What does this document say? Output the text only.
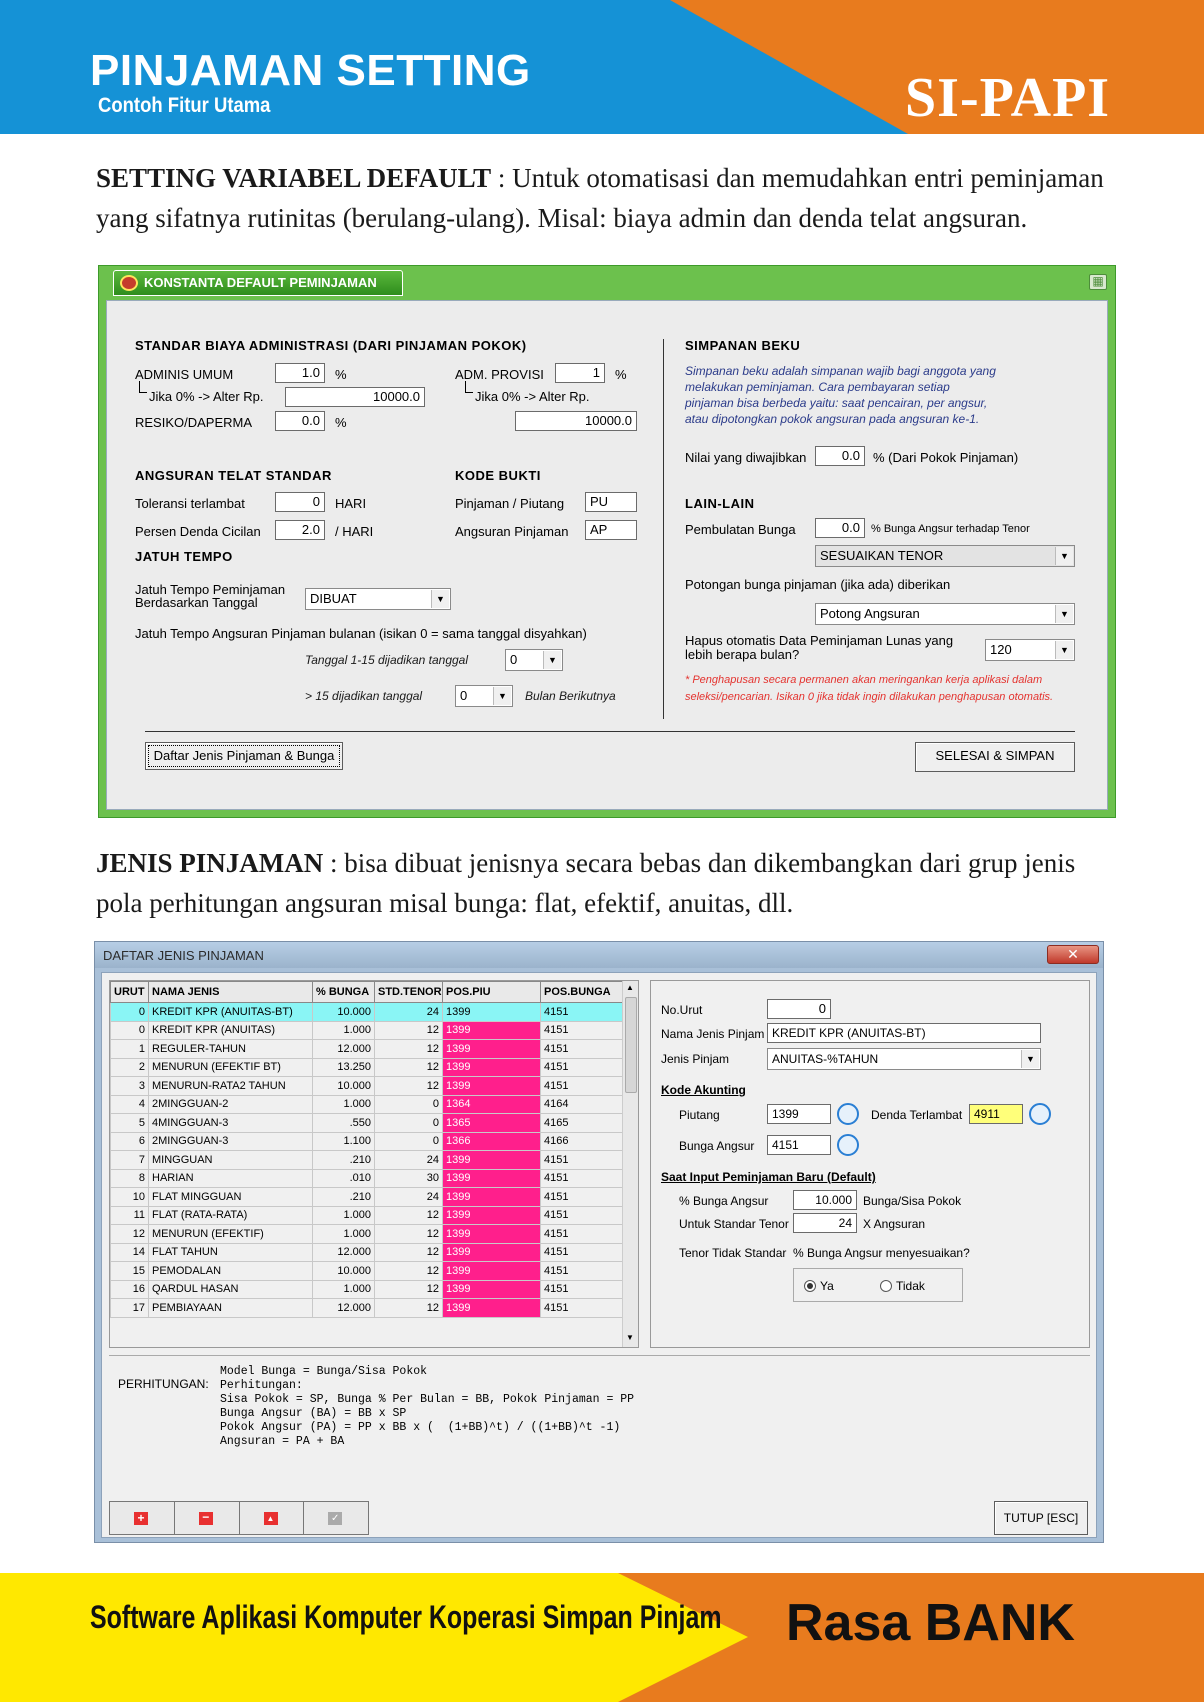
PINJAMAN SETTING
Contoh Fitur Utama	SI-PAPI
SETTING VARIABEL DEFAULT : Untuk otomatisasi dan memudahkan entri peminjaman
yang sifatnya rutinitas (berulang-ulang). Misal: biaya admin dan denda telat angsuran.
KONSTANTA DEFAULT PEMINJAMAN	▦
STANDAR BIAYA ADMINISTRASI (DARI PINJAMAN POKOK)
ADMINIS UMUM	1.0	%
Jika 0% -> Alter Rp.	10000.0
RESIKO/DAPERMA	0.0	%
ADM. PROVISI	1	%
Jika 0% -> Alter Rp.
10000.0
ANGSURAN TELAT STANDAR
Toleransi terlambat	0	HARI
Persen Denda Cicilan	2.0	/ HARI
KODE BUKTI
Pinjaman / Piutang	PU
Angsuran Pinjaman	AP
JATUH TEMPO
Jatuh Tempo Peminjaman
Berdasarkan Tanggal	DIBUAT	▼
Jatuh Tempo Angsuran Pinjaman bulanan (isikan 0 = sama tanggal disyahkan)
Tanggal 1-15 dijadikan tanggal	0	▼
> 15 dijadikan tanggal	0	▼	Bulan Berikutnya
SIMPANAN BEKU
Simpanan beku adalah simpanan wajib bagi anggota yang
melakukan peminjaman. Cara pembayaran setiap
pinjaman bisa berbeda yaitu: saat pencairan, per angsur,
atau dipotongkan pokok angsuran pada angsuran ke-1.
Nilai yang diwajibkan	0.0	% (Dari Pokok Pinjaman)
LAIN-LAIN
Pembulatan Bunga	0.0	% Bunga Angsur terhadap Tenor
SESUAIKAN TENOR	▼
Potongan bunga pinjaman (jika ada) diberikan
Potong Angsuran	▼
Hapus otomatis Data Peminjaman Lunas yang
lebih berapa bulan?	120	▼
* Penghapusan secara permanen akan meringankan kerja aplikasi dalam
seleksi/pencarian. Isikan 0 jika tidak ingin dilakukan penghapusan otomatis.
Daftar Jenis Pinjaman & Bunga	SELESAI & SIMPAN
JENIS PINJAMAN : bisa dibuat jenisnya secara bebas dan dikembangkan dari grup jenis
pola perhitungan angsuran misal bunga: flat, efektif, anuitas, dll.
DAFTAR JENIS PINJAMAN	✕
URUT	NAMA JENIS	% BUNGA	STD.TENOR	POS.PIU	POS.BUNGA
0	KREDIT KPR (ANUITAS-BT)	10.000	24	1399	4151
0	KREDIT KPR (ANUITAS)	1.000	12	1399	4151
1	REGULER-TAHUN	12.000	12	1399	4151
2	MENURUN (EFEKTIF BT)	13.250	12	1399	4151
3	MENURUN-RATA2 TAHUN	10.000	12	1399	4151
4	2MINGGUAN-2	1.000	0	1364	4164
5	4MINGGUAN-3	.550	0	1365	4165
6	2MINGGUAN-3	1.100	0	1366	4166
7	MINGGUAN	.210	24	1399	4151
8	HARIAN	.010	30	1399	4151
10	FLAT MINGGUAN	.210	24	1399	4151
11	FLAT (RATA-RATA)	1.000	12	1399	4151
12	MENURUN (EFEKTIF)	1.000	12	1399	4151
14	FLAT TAHUN	12.000	12	1399	4151
15	PEMODALAN	10.000	12	1399	4151
16	QARDUL HASAN	1.000	12	1399	4151
17	PEMBIAYAAN	12.000	12	1399	4151
▲
▼
No.Urut	0
Nama Jenis Pinjam KREDIT KPR (ANUITAS-BT)
Jenis Pinjam	ANUITAS-%TAHUN	▼
Kode Akunting
Piutang	1399	Denda Terlambat 4911
Bunga Angsur	4151
Saat Input Peminjaman Baru (Default)
% Bunga Angsur	10.000 Bunga/Sisa Pokok
Untuk Standar Tenor	24 X Angsuran
Tenor Tidak Standar % Bunga Angsur menyesuaikan?
Ya	Tidak
PERHITUNGAN:
Model Bunga = Bunga/Sisa Pokok
Perhitungan:
Sisa Pokok = SP, Bunga % Per Bulan = BB, Pokok Pinjaman = PP
Bunga Angsur (BA) = BB x SP
Pokok Angsur (PA) = PP x BB x (  (1+BB)^t) / ((1+BB)^t -1)
Angsuran = PA + BA
+	−	▲	✓	TUTUP [ESC]
Software Aplikasi Komputer Koperasi Simpan Pinjam Rasa BANK
